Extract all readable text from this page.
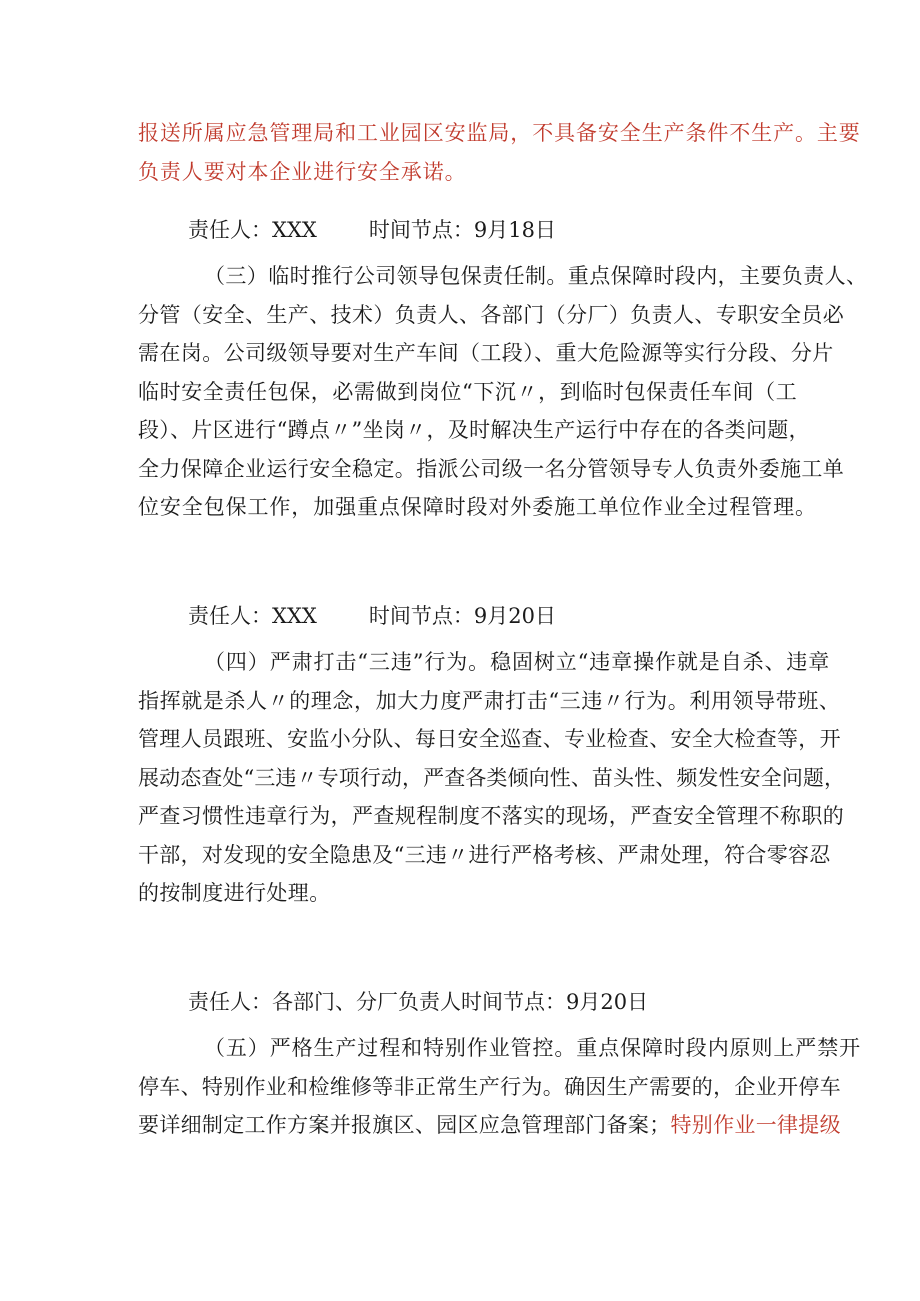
报送所属应急管理局和工业园区安监局，不具备安全生产条件不生产。主要
负责人要对本企业进行安全承诺。
责任人：XXX 时间节点：9月18日
（三）临时推行公司领导包保责任制。重点保障时段内，主要负责人、
分管（安全、生产、技术）负责人、各部门（分厂）负责人、专职安全员必
需在岗。公司级领导要对生产车间（工段）、重大危险源等实行分段、分片
临时安全责任包保，必需做到岗位“下沉〃，到临时包保责任车间（工
段）、片区进行“蹲点〃”坐岗〃，及时解决生产运行中存在的各类问题，
全力保障企业运行安全稳定。指派公司级一名分管领导专人负责外委施工单
位安全包保工作，加强重点保障时段对外委施工单位作业全过程管理。
责任人：XXX 时间节点：9月20日
（四）严肃打击“三违”行为。稳固树立“违章操作就是自杀、违章
指挥就是杀人〃的理念，加大力度严肃打击“三违〃行为。利用领导带班、
管理人员跟班、安监小分队、每日安全巡查、专业检查、安全大检查等，开
展动态查处“三违〃专项行动，严查各类倾向性、苗头性、频发性安全问题，
严查习惯性违章行为，严查规程制度不落实的现场，严查安全管理不称职的
干部，对发现的安全隐患及“三违〃进行严格考核、严肃处理，符合零容忍
的按制度进行处理。
责任人：各部门、分厂负责人时间节点：9月20日
（五）严格生产过程和特别作业管控。重点保障时段内原则上严禁开
停车、特别作业和检维修等非正常生产行为。确因生产需要的，企业开停车
要详细制定工作方案并报旗区、园区应急管理部门备案；特别作业一律提级
